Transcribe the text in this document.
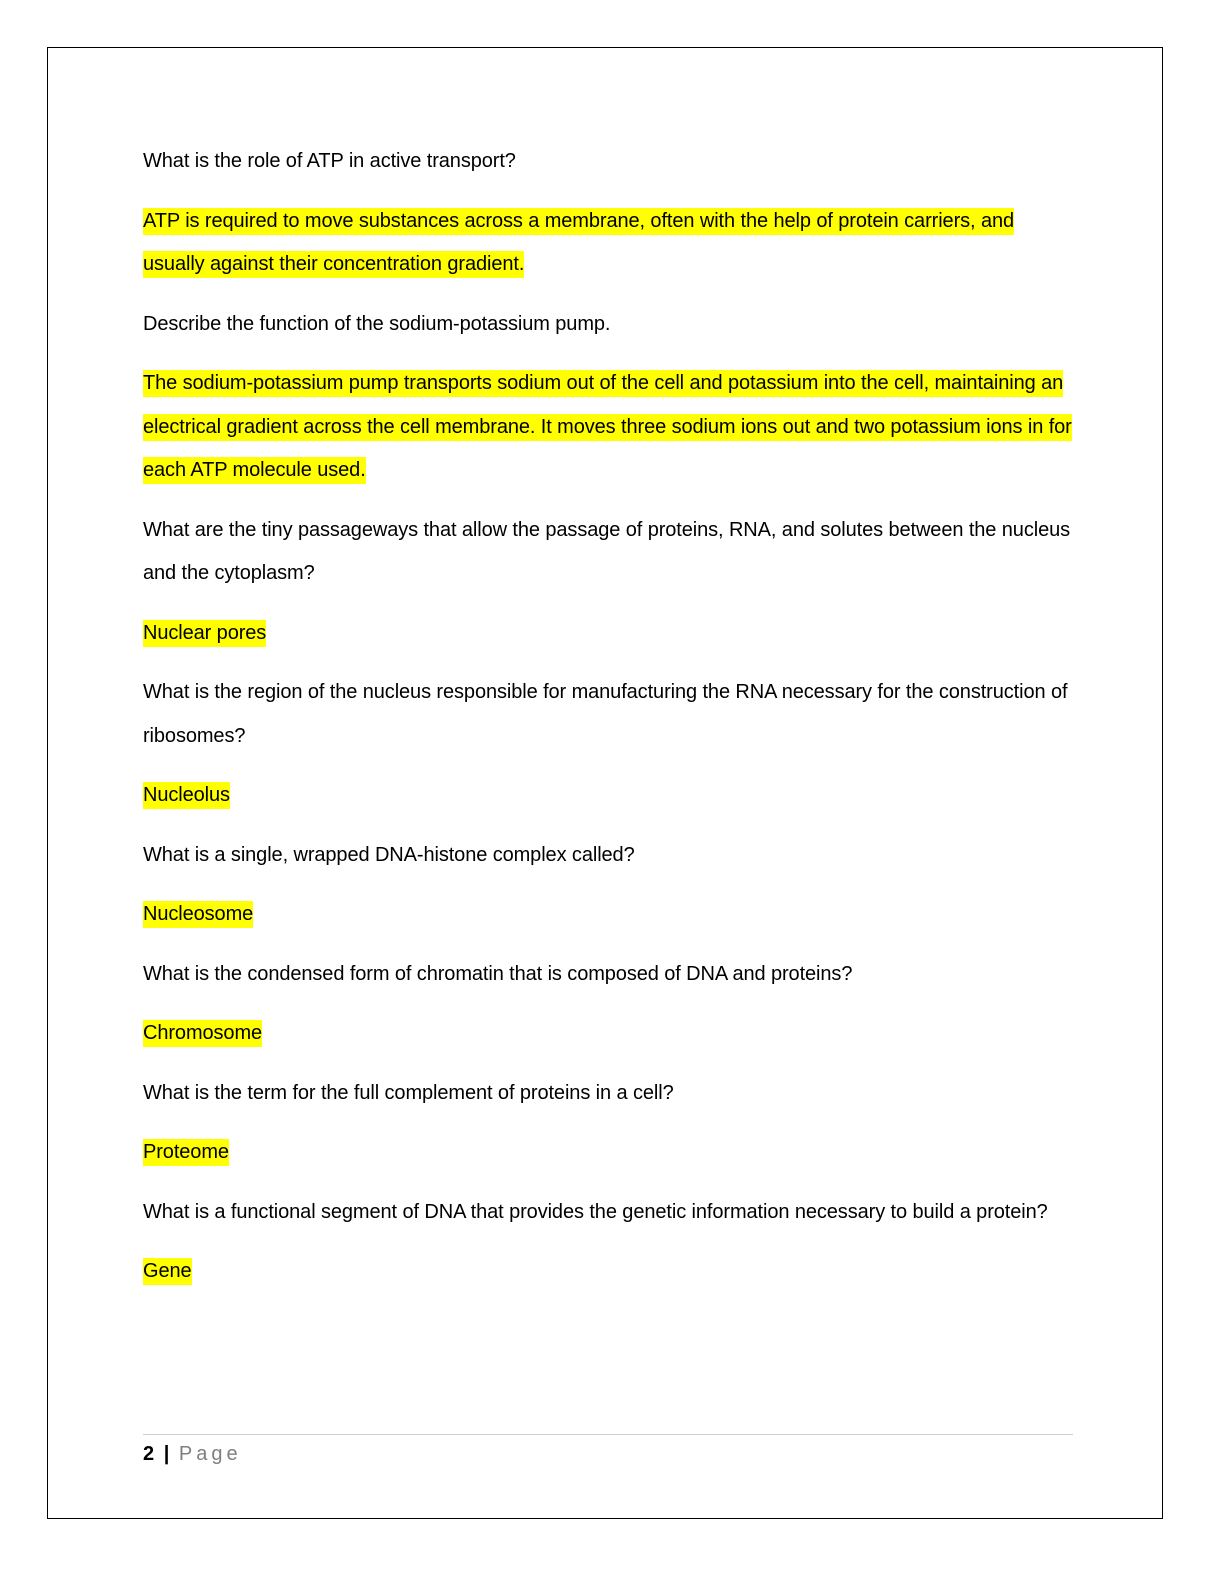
What is the role of ATP in active transport?

ATP is required to move substances across a membrane, often with the help of protein carriers, and usually against their concentration gradient.

Describe the function of the sodium-potassium pump.

The sodium-potassium pump transports sodium out of the cell and potassium into the cell, maintaining an electrical gradient across the cell membrane. It moves three sodium ions out and two potassium ions in for each ATP molecule used.

What are the tiny passageways that allow the passage of proteins, RNA, and solutes between the nucleus and the cytoplasm?

Nuclear pores

What is the region of the nucleus responsible for manufacturing the RNA necessary for the construction of ribosomes?

Nucleolus

What is a single, wrapped DNA-histone complex called?

Nucleosome

What is the condensed form of chromatin that is composed of DNA and proteins?

Chromosome

What is the term for the full complement of proteins in a cell?

Proteome

What is a functional segment of DNA that provides the genetic information necessary to build a protein?

Gene

2 | Page
